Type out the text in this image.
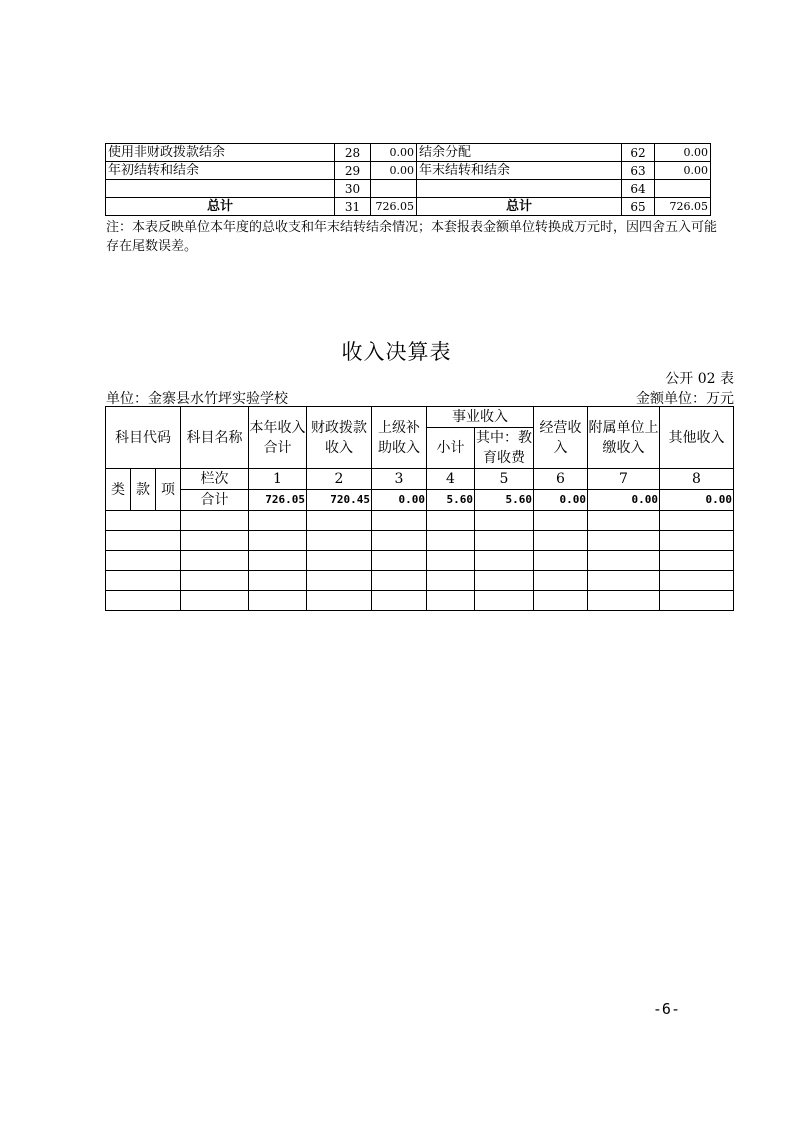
使用非财政拨款结余	28	0.00	结余分配	62	0.00
年初结转和结余	29	0.00	年末结转和结余	63	0.00
	30			64	
总计	31	726.05	总计	65	726.05
注：本表反映单位本年度的总收支和年末结转结余情况；本套报表金额单位转换成万元时，因四舍五入可能存在尾数误差。
收入决算表
公开 02 表
单位：金寨县水竹坪实验学校	金额单位：万元
科目代码			科目名称	本年收入合计	财政拨款收入	上级补助收入	事业收入		经营收入	附属单位上缴收入	其他收入
							小计	其中：教育收费			
类	款	项	栏次	1	2	3	4	5	6	7	8
			合计	726.05	720.45	0.00	5.60	5.60	0.00	0.00	0.00

-6-
